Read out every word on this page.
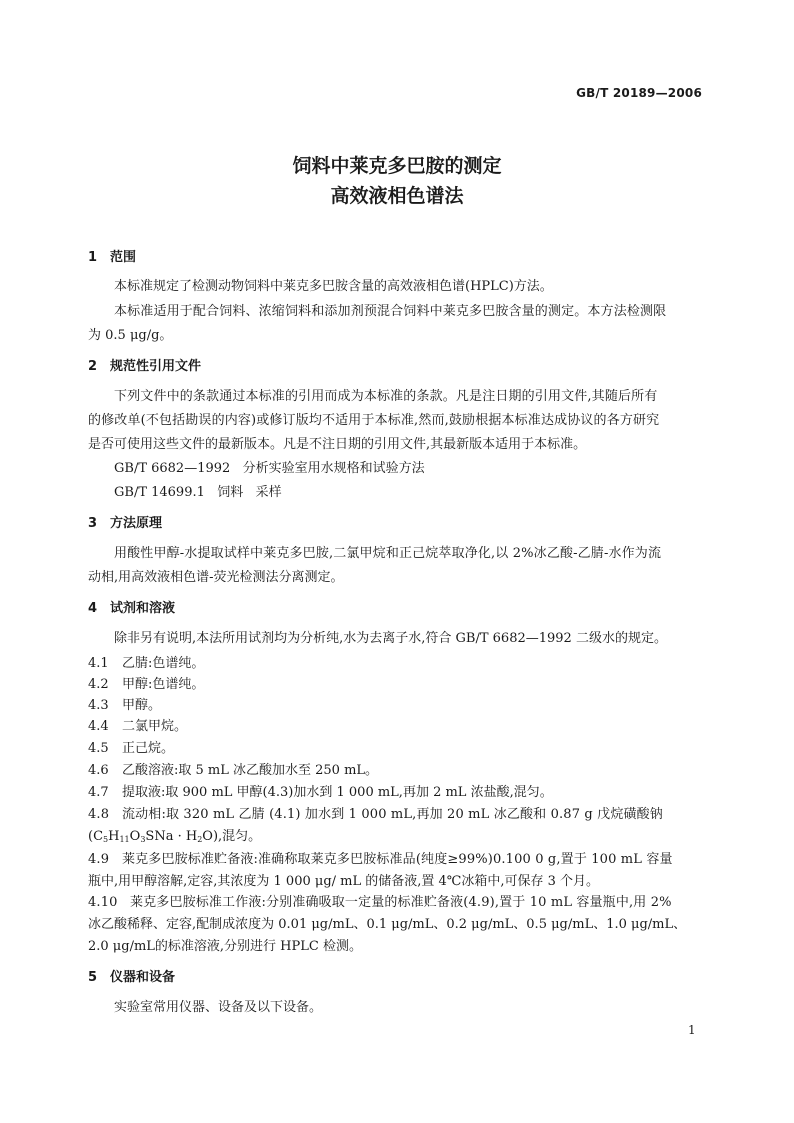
GB/T 20189—2006
饲料中莱克多巴胺的测定
高效液相色谱法
1 范围
本标准规定了检测动物饲料中莱克多巴胺含量的高效液相色谱(HPLC)方法。
本标准适用于配合饲料、浓缩饲料和添加剂预混合饲料中莱克多巴胺含量的测定。本方法检测限
为 0.5 μg/g。
2 规范性引用文件
下列文件中的条款通过本标准的引用而成为本标准的条款。凡是注日期的引用文件,其随后所有
的修改单(不包括勘误的内容)或修订版均不适用于本标准,然而,鼓励根据本标准达成协议的各方研究
是否可使用这些文件的最新版本。凡是不注日期的引用文件,其最新版本适用于本标准。
GB/T 6682—1992   分析实验室用水规格和试验方法
GB/T 14699.1   饲料   采样
3 方法原理
用酸性甲醇-水提取试样中莱克多巴胺,二氯甲烷和正己烷萃取净化,以 2%冰乙酸-乙腈-水作为流
动相,用高效液相色谱-荧光检测法分离测定。
4 试剂和溶液
除非另有说明,本法所用试剂均为分析纯,水为去离子水,符合 GB/T 6682—1992 二级水的规定。
4.1 乙腈:色谱纯。
4.2 甲醇:色谱纯。
4.3 甲醇。
4.4 二氯甲烷。
4.5 正己烷。
4.6 乙酸溶液:取 5 mL 冰乙酸加水至 250 mL。
4.7 提取液:取 900 mL 甲醇(4.3)加水到 1 000 mL,再加 2 mL 浓盐酸,混匀。
4.8 流动相:取 320 mL 乙腈 (4.1) 加水到 1 000 mL,再加 20 mL 冰乙酸和 0.87 g 戊烷磺酸钠
$(C_5H_{11}O_3SNa \cdot H_2O)$,混匀。
4.9 莱克多巴胺标准贮备液:准确称取莱克多巴胺标准品(纯度≥99%)0.100 0 g,置于 100 mL 容量
瓶中,用甲醇溶解,定容,其浓度为 1 000 μg/ mL 的储备液,置 4℃冰箱中,可保存 3 个月。
4.10 莱克多巴胺标准工作液:分别准确吸取一定量的标准贮备液(4.9),置于 10 mL 容量瓶中,用 2%
冰乙酸稀释、定容,配制成浓度为 0.01 μg/mL、0.1 μg/mL、0.2 μg/mL、0.5 μg/mL、1.0 μg/mL、
2.0 μg/mL的标准溶液,分别进行 HPLC 检测。
5 仪器和设备
实验室常用仪器、设备及以下设备。
1
